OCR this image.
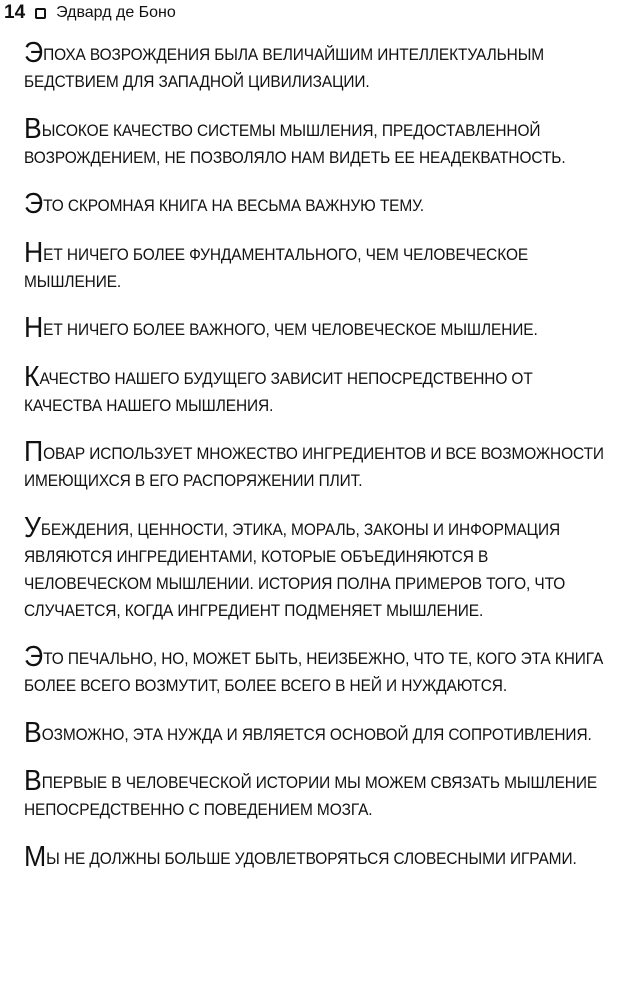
14 Эдвард де Боно

ЭПОХА ВОЗРОЖДЕНИЯ БЫЛА ВЕЛИЧАЙШИМ ИНТЕЛЛЕКТУАЛЬНЫМ БЕДСТВИЕМ ДЛЯ ЗАПАДНОЙ ЦИВИЛИЗАЦИИ.

ВЫСОКОЕ КАЧЕСТВО СИСТЕМЫ МЫШЛЕНИЯ, ПРЕДОСТАВЛЕННОЙ ВОЗРОЖДЕНИЕМ, НЕ ПОЗВОЛЯЛО НАМ ВИДЕТЬ ЕЕ НЕАДЕКВАТНОСТЬ.

ЭТО СКРОМНАЯ КНИГА НА ВЕСЬМА ВАЖНУЮ ТЕМУ.

НЕТ НИЧЕГО БОЛЕЕ ФУНДАМЕНТАЛЬНОГО, ЧЕМ ЧЕЛОВЕЧЕСКОЕ МЫШЛЕНИЕ.

НЕТ НИЧЕГО БОЛЕЕ ВАЖНОГО, ЧЕМ ЧЕЛОВЕЧЕСКОЕ МЫШЛЕНИЕ.

КАЧЕСТВО НАШЕГО БУДУЩЕГО ЗАВИСИТ НЕПОСРЕДСТВЕННО ОТ КАЧЕСТВА НАШЕГО МЫШЛЕНИЯ.

ПОВАР ИСПОЛЬЗУЕТ МНОЖЕСТВО ИНГРЕДИЕНТОВ И ВСЕ ВОЗМОЖНОСТИ ИМЕЮЩИХСЯ В ЕГО РАСПОРЯЖЕНИИ ПЛИТ.

УБЕЖДЕНИЯ, ЦЕННОСТИ, ЭТИКА, МОРАЛЬ, ЗАКОНЫ И ИНФОРМАЦИЯ ЯВЛЯЮТСЯ ИНГРЕДИЕНТАМИ, КОТОРЫЕ ОБЪЕДИНЯЮТСЯ В ЧЕЛОВЕЧЕСКОМ МЫШЛЕНИИ. ИСТОРИЯ ПОЛНА ПРИМЕРОВ ТОГО, ЧТО СЛУЧАЕТСЯ, КОГДА ИНГРЕДИЕНТ ПОДМЕНЯЕТ МЫШЛЕНИЕ.

ЭТО ПЕЧАЛЬНО, НО, МОЖЕТ БЫТЬ, НЕИЗБЕЖНО, ЧТО ТЕ, КОГО ЭТА КНИГА БОЛЕЕ ВСЕГО ВОЗМУТИТ, БОЛЕЕ ВСЕГО В НЕЙ И НУЖДАЮТСЯ.

ВОЗМОЖНО, ЭТА НУЖДА И ЯВЛЯЕТСЯ ОСНОВОЙ ДЛЯ СОПРОТИВЛЕНИЯ.

ВПЕРВЫЕ В ЧЕЛОВЕЧЕСКОЙ ИСТОРИИ МЫ МОЖЕМ СВЯЗАТЬ МЫШЛЕНИЕ НЕПОСРЕДСТВЕННО С ПОВЕДЕНИЕМ МОЗГА.

МЫ НЕ ДОЛЖНЫ БОЛЬШЕ УДОВЛЕТВОРЯТЬСЯ СЛОВЕСНЫМИ ИГРАМИ.
